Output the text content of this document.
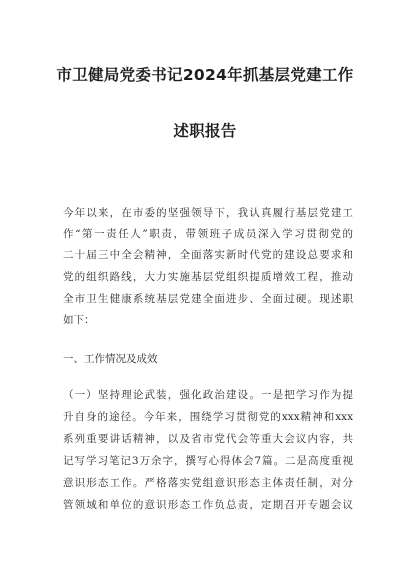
市卫健局党委书记2024年抓基层党建工作
述职报告
今年以来，在市委的坚强领导下，我认真履行基层党建工
作“第一责任人”职责，带领班子成员深入学习贯彻党的
二十届三中全会精神，全面落实新时代党的建设总要求和
党的组织路线，大力实施基层党组织提质增效工程，推动
全市卫生健康系统基层党建全面进步、全面过硬。现述职
如下：
一、工作情况及成效
（一）坚持理论武装，强化政治建设。一是把学习作为提
升自身的途径。今年来，围绕学习贯彻党的xxx精神和xxx
系列重要讲话精神，以及省市党代会等重大会议内容，共
记写学习笔记3万余字，撰写心得体会7篇。二是高度重视
意识形态工作。严格落实党组意识形态主体责任制，对分
管领域和单位的意识形态工作负总责，定期召开专题会议
